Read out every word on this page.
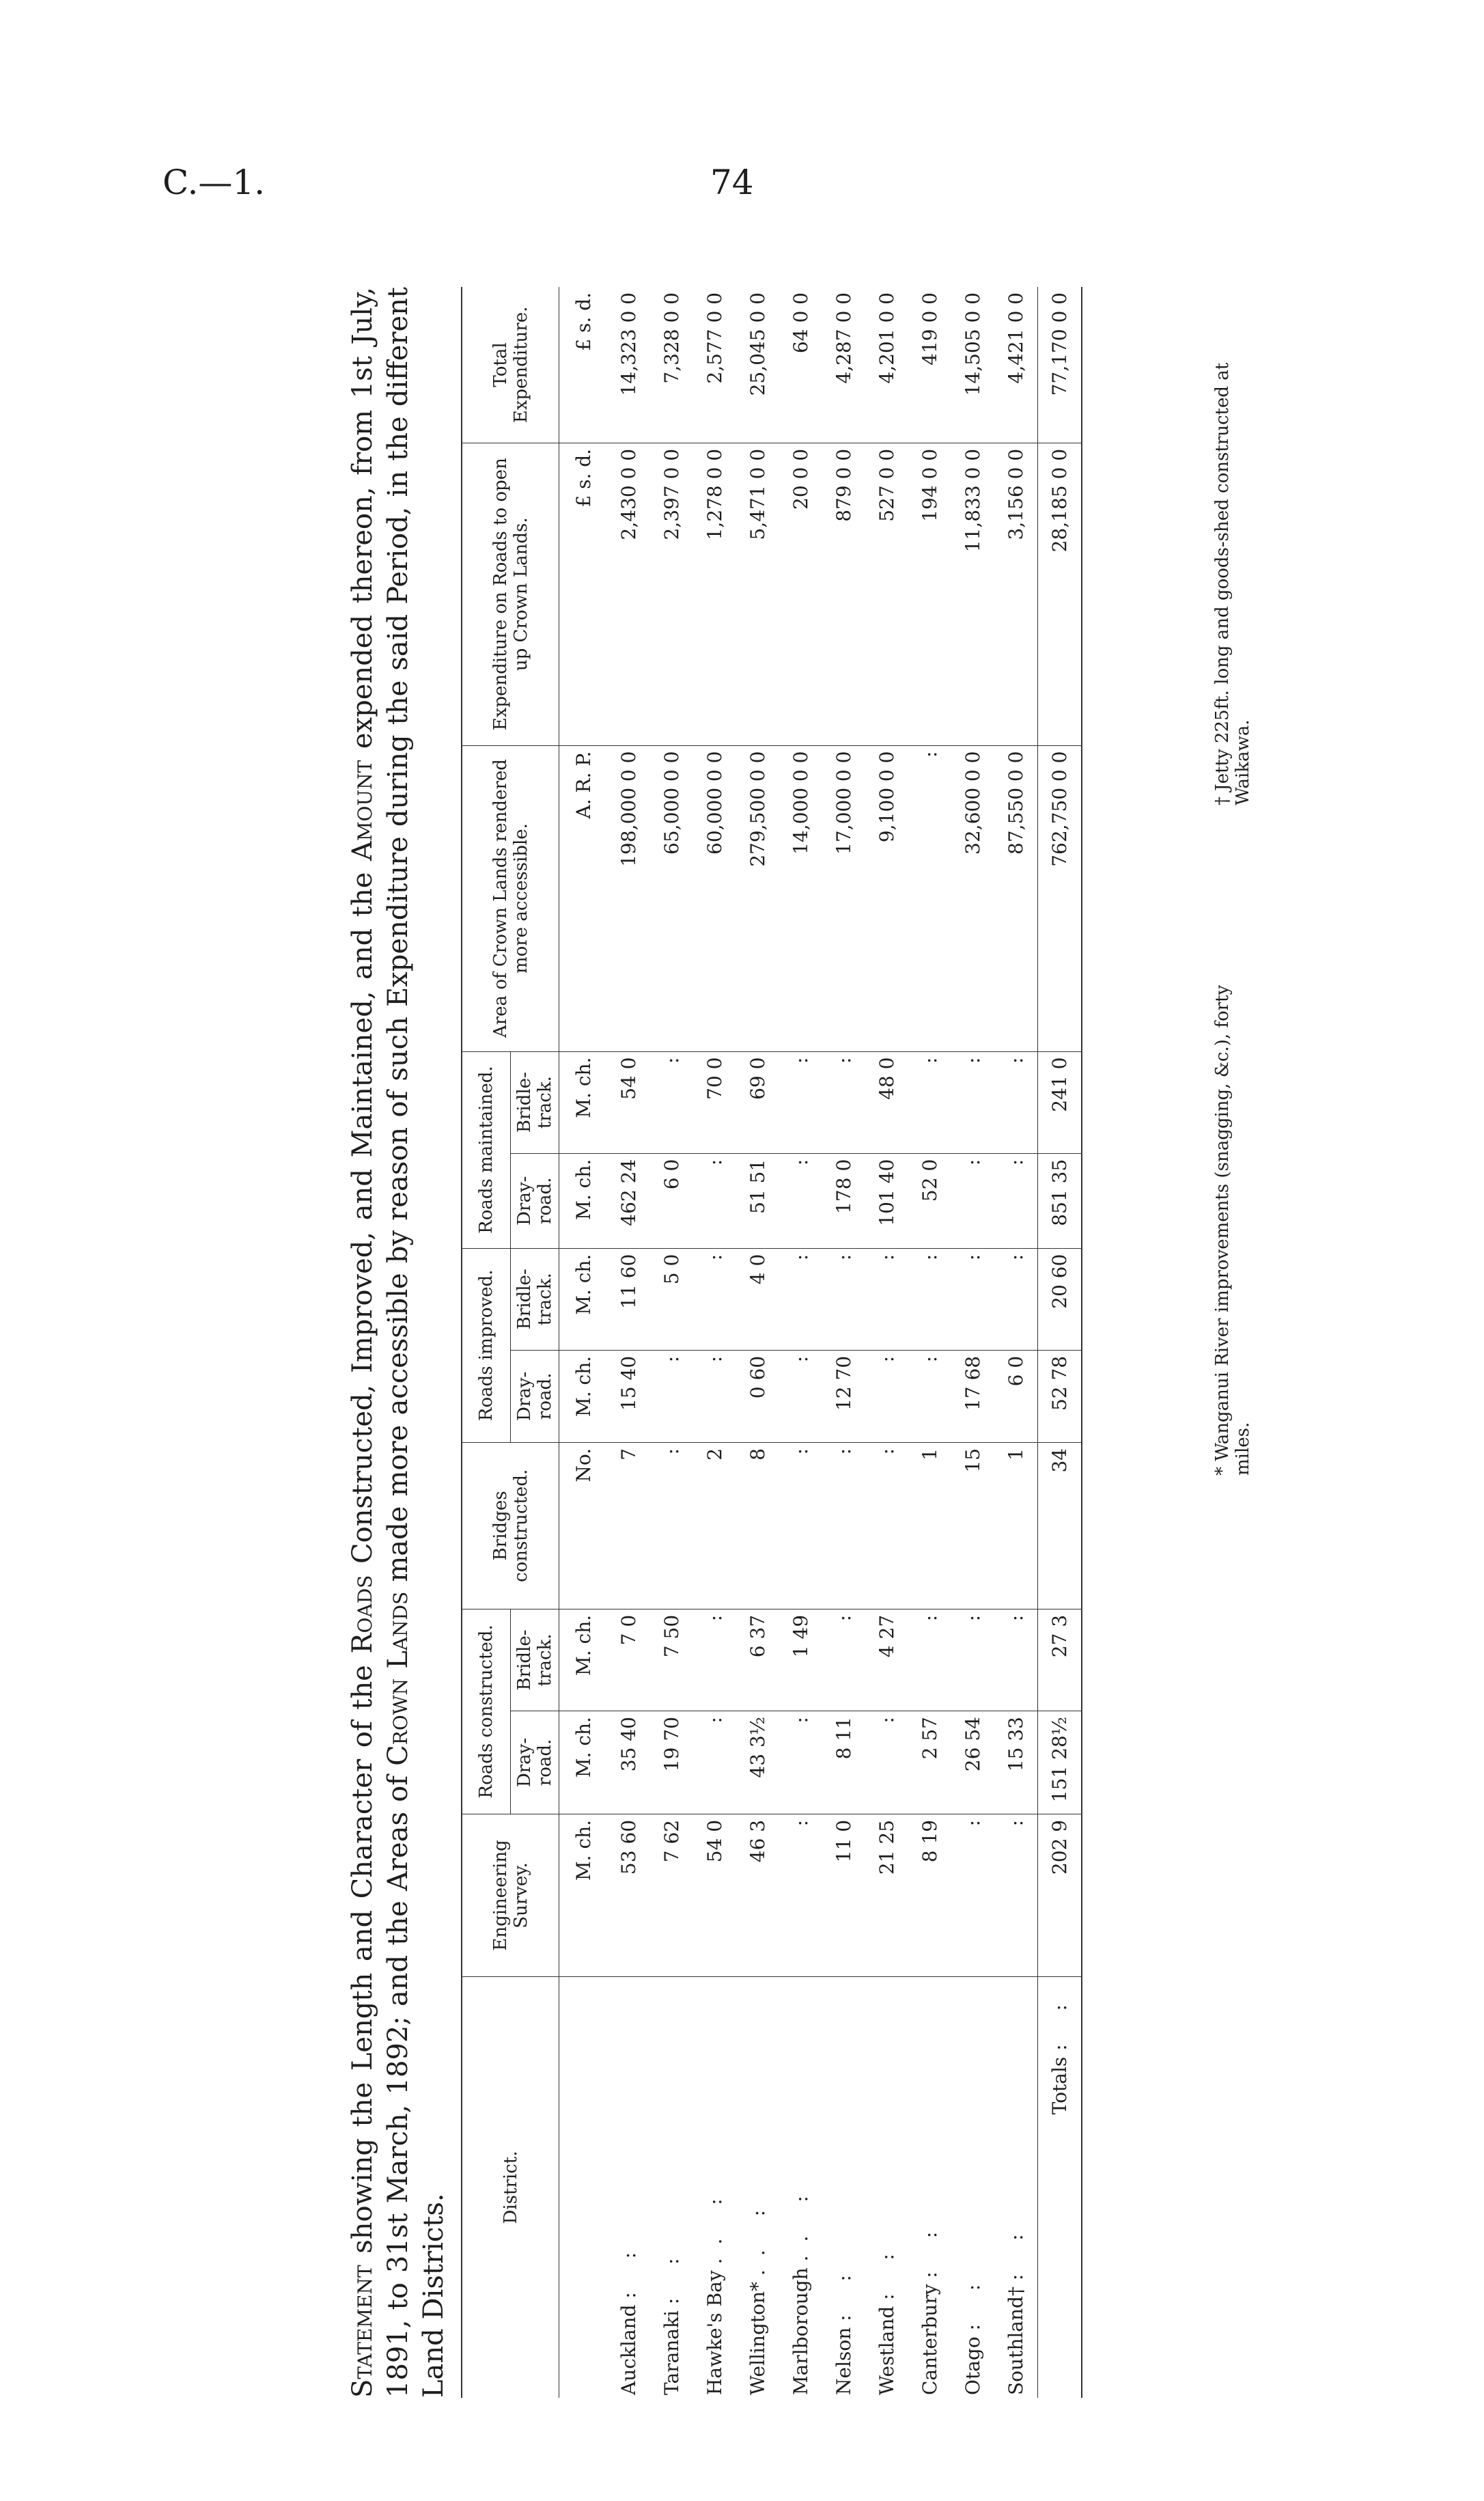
C.—1.	74
Statement showing the Length and Character of the Roads Constructed, Improved, and Maintained, and the Amount expended thereon, from 1st July, 1891, to 31st March, 1892; and the Areas of Crown Lands made more accessible by reason of such Expenditure during the said Period, in the different Land Districts.
District.	Engineering Survey.	Roads constructed.		Bridges constructed.	Roads improved.		Roads maintained.		Area of Crown Lands rendered more accessible.	Expenditure on Roads to open up Crown Lands.	Total Expenditure.
		Dray-road.	Bridle-track.		Dray-road.	Bridle-track.	Dray-road.	Bridle-track.			
	M. ch.	M. ch.	M. ch.	No.	M. ch.	M. ch.	M. ch.	M. ch.	A. R. P.	£ s. d.	£ s. d.
Auckland : :	53 60	35 40	7 0	7	15 40	11 60	462 24	54 0	198,000 0 0	2,430 0 0	14,323 0 0
Taranaki : :	7 62	19 70	7 50	:	:	5 0	6 0	:	65,000 0 0	2,397 0 0	7,328 0 0
Hawke's Bay .. :	54 0	:	:	2	:	:	:	70 0	60,000 0 0	1,278 0 0	2,577 0 0
Wellington* .. :	46 3	43 3½	6 37	8	0 60	4 0	51 51	69 0	279,500 0 0	5,471 0 0	25,045 0 0
Marlborough .. :	:	:	1 49	:	:	:	:	:	14,000 0 0	20 0 0	64 0 0
Nelson : :	11 0	8 11	:	:	12 70	:	178 0	:	17,000 0 0	879 0 0	4,287 0 0
Westland : :	21 25	:	4 27	:	:	:	101 40	48 0	9,100 0 0	527 0 0	4,201 0 0
Canterbury : :	8 19	2 57	:	1	:	:	52 0	:	:	194 0 0	419 0 0
Otago : :	:	26 54	:	15	17 68	:	:	:	32,600 0 0	11,833 0 0	14,505 0 0
Southland† : :	:	15 33	:	1	6 0	:	:	:	87,550 0 0	3,156 0 0	4,421 0 0
Totals : :	202 9	151 28½	27 3	34	52 78	20 60	851 35	241 0	762,750 0 0	28,185 0 0	77,170 0 0
* Wanganui River improvements (snagging, &c.), forty miles.
† Jetty 225ft. long and goods-shed constructed at Waikawa.
